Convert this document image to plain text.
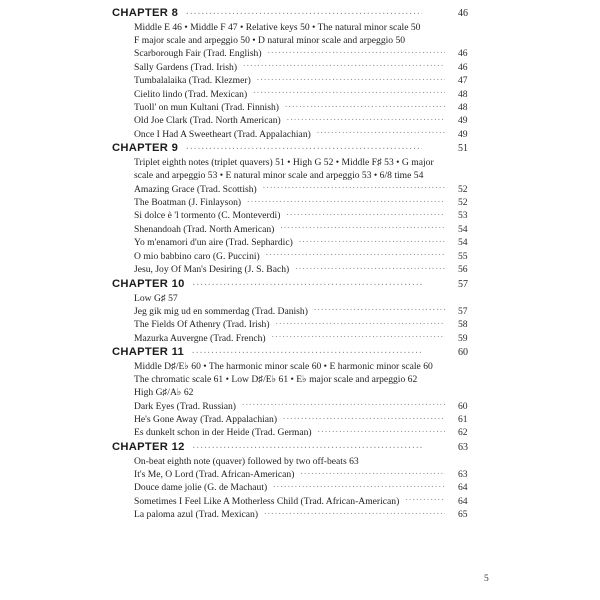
CHAPTER 8 .....	46
Middle E 46 • Middle F 47 • Relative keys 50 • The natural minor scale 50
F major scale and arpeggio 50 • D natural minor scale and arpeggio 50
Scarborough Fair (Trad. English) .....	46
Sally Gardens (Trad. Irish) .....	46
Tumbalalaika (Trad. Klezmer) .....	47
Cielito lindo (Trad. Mexican) .....	48
Tuoll' on mun Kultani (Trad. Finnish) .....	48
Old Joe Clark (Trad. North American) .....	49
Once I Had A Sweetheart (Trad. Appalachian) .....	49
CHAPTER 9 .....	51
Triplet eighth notes (triplet quavers) 51 • High G 52 • Middle F♯ 53 • G major
scale and arpeggio 53 • E natural minor scale and arpeggio 53 • 6/8 time 54
Amazing Grace (Trad. Scottish) .....	52
The Boatman (J. Finlayson) .....	52
Si dolce è 'l tormento (C. Monteverdi) .....	53
Shenandoah (Trad. North American) .....	54
Yo m'enamori d'un aire (Trad. Sephardic) .....	54
O mio babbino caro (G. Puccini) .....	55
Jesu, Joy Of Man's Desiring (J. S. Bach) .....	56
CHAPTER 10 .....	57
Low G♯ 57
Jeg gik mig ud en sommerdag (Trad. Danish) .....	57
The Fields Of Athenry (Trad. Irish) .....	58
Mazurka Auvergne (Trad. French) .....	59
CHAPTER 11 .....	60
Middle D♯/E♭ 60 • The harmonic minor scale 60 • E harmonic minor scale 60
The chromatic scale 61 • Low D♯/E♭ 61 • E♭ major scale and arpeggio 62
High G♯/A♭ 62
Dark Eyes (Trad. Russian) .....	60
He's Gone Away (Trad. Appalachian) .....	61
Es dunkelt schon in der Heide (Trad. German) .....	62
CHAPTER 12 .....	63
On-beat eighth note (quaver) followed by two off-beats 63
It's Me, O Lord (Trad. African-American) .....	63
Douce dame jolie (G. de Machaut) .....	64
Sometimes I Feel Like A Motherless Child (Trad. African-American) .....	64
La paloma azul (Trad. Mexican) .....	65
5
